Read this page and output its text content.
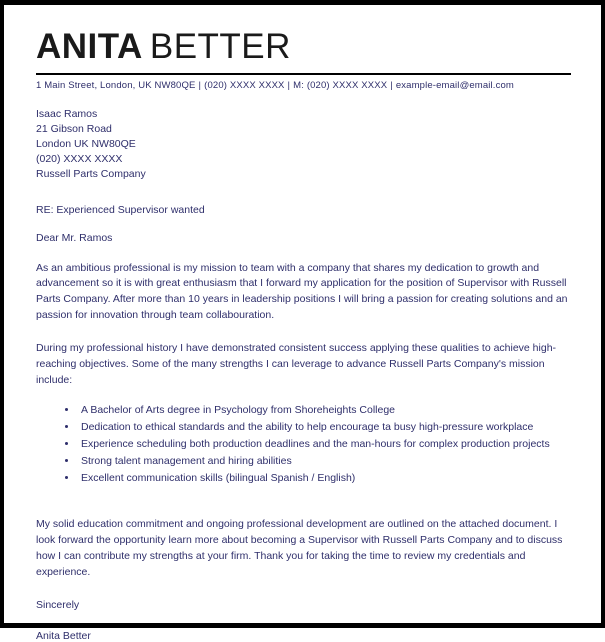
ANITA BETTER
1 Main Street, London, UK NW80QE | (020) XXXX XXXX | M: (020) XXXX XXXX | example-email@email.com
Isaac Ramos
21 Gibson Road
London UK NW80QE
(020) XXXX XXXX
Russell Parts Company
RE: Experienced Supervisor wanted
Dear Mr. Ramos
As an ambitious professional is my mission to team with a company that shares my dedication to growth and advancement so it is with great enthusiasm that I forward my application for the position of Supervisor with Russell Parts Company. After more than 10 years in leadership positions I will bring a passion for creating solutions and an passion for innovation through team collabouration.
During my professional history I have demonstrated consistent success applying these qualities to achieve high-reaching objectives. Some of the many strengths I can leverage to advance Russell Parts Company's mission include:
• A Bachelor of Arts degree in Psychology from Shoreheights College
• Dedication to ethical standards and the ability to help encourage ta busy high-pressure workplace
• Experience scheduling both production deadlines and the man-hours for complex production projects
• Strong talent management and hiring abilities
• Excellent communication skills (bilingual Spanish / English)
My solid education commitment and ongoing professional development are outlined on the attached document. I look forward the opportunity learn more about becoming a Supervisor with Russell Parts Company and to discuss how I can contribute my strengths at your firm. Thank you for taking the time to review my credentials and experience.
Sincerely
Anita Better
